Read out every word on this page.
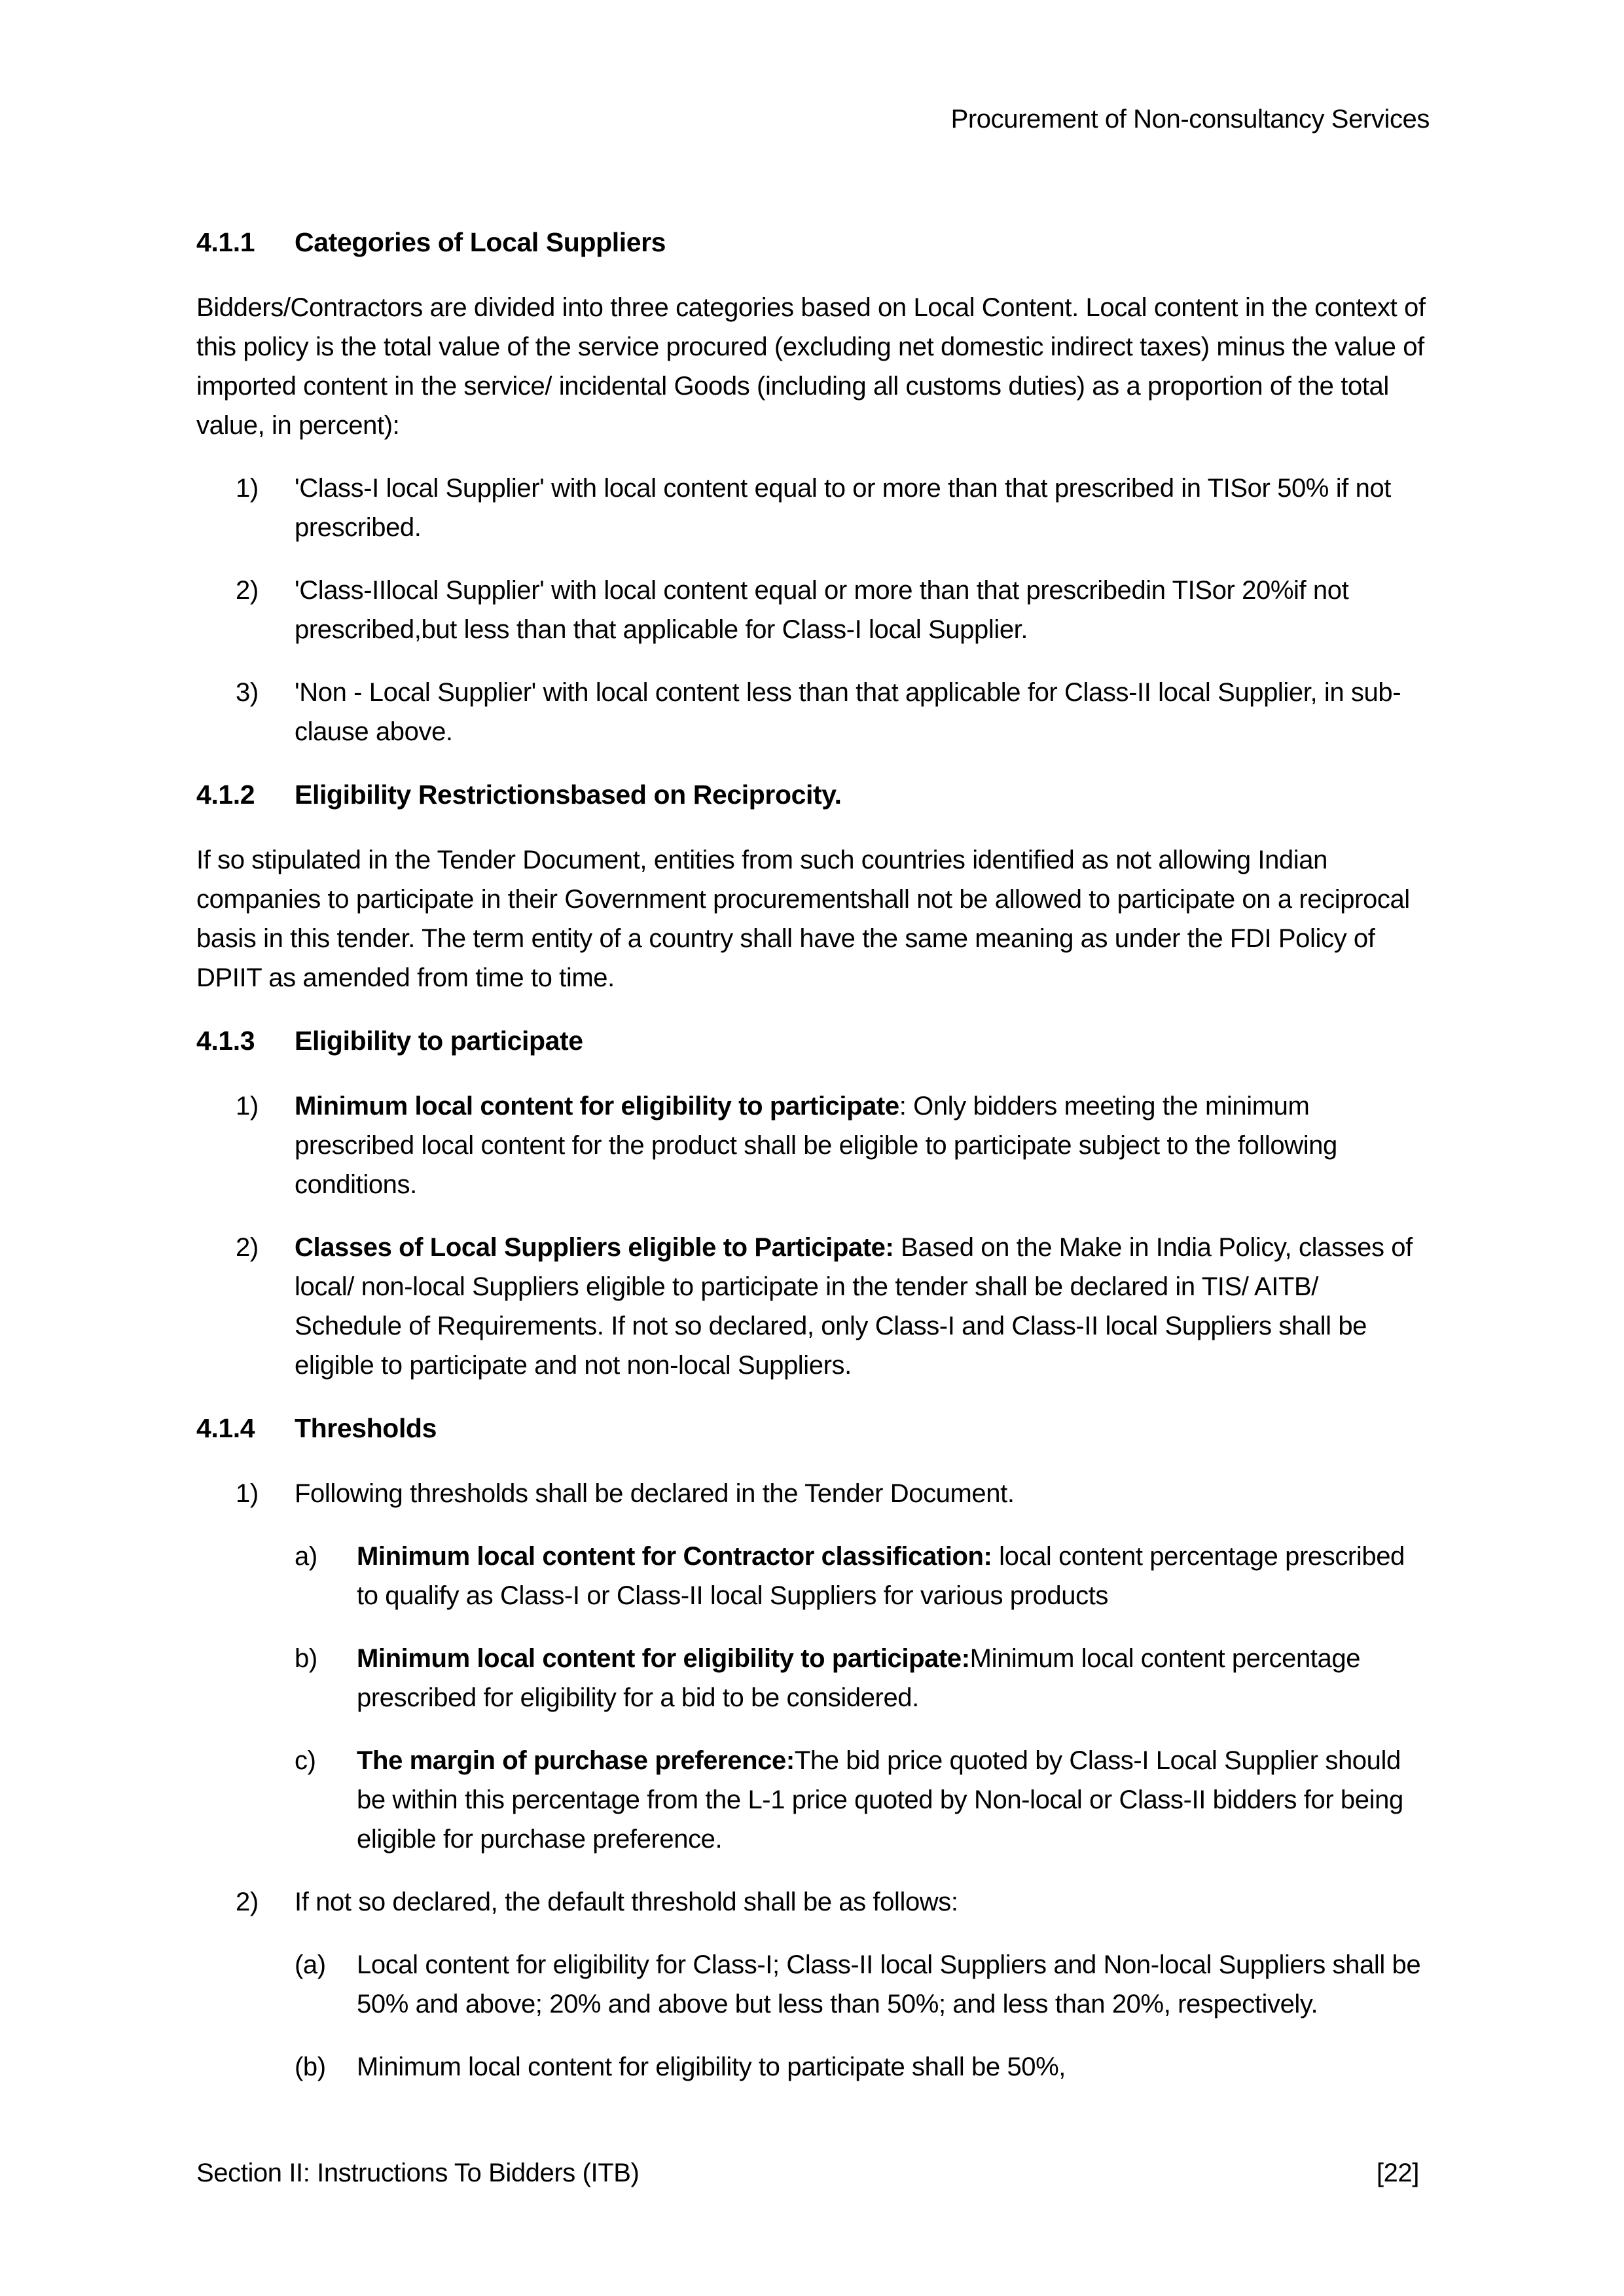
Procurement of Non-consultancy Services
4.1.1	Categories of Local Suppliers

Bidders/Contractors are divided into three categories based on Local Content. Local content in the context of this policy is the total value of the service procured (excluding net domestic indirect taxes) minus the value of imported content in the service/ incidental Goods (including all customs duties) as a proportion of the total value, in percent):

1)	'Class-I local Supplier' with local content equal to or more than that prescribed in TISor 50% if not prescribed.
2)	'Class-IIlocal Supplier' with local content equal or more than that prescribedin TISor 20%if not prescribed,but less than that applicable for Class-I local Supplier.
3)	'Non - Local Supplier' with local content less than that applicable for Class-II local Supplier, in sub-clause above.
4.1.2	Eligibility Restrictionsbased on Reciprocity.

If so stipulated in the Tender Document, entities from such countries identified as not allowing Indian companies to participate in their Government procurementshall not be allowed to participate on a reciprocal basis in this tender. The term entity of a country shall have the same meaning as under the FDI Policy of DPIIT as amended from time to time.

4.1.3	Eligibility to participate
1)	Minimum local content for eligibility to participate: Only bidders meeting the minimum prescribed local content for the product shall be eligible to participate subject to the following conditions.
2)	Classes of Local Suppliers eligible to Participate: Based on the Make in India Policy, classes of local/ non-local Suppliers eligible to participate in the tender shall be declared in TIS/ AITB/ Schedule of Requirements. If not so declared, only Class-I and Class-II local Suppliers shall be eligible to participate and not non-local Suppliers.
4.1.4	Thresholds
1)	Following thresholds shall be declared in the Tender Document.
a)	Minimum local content for Contractor classification: local content percentage prescribed to qualify as Class-I or Class-II local Suppliers for various products
b)	Minimum local content for eligibility to participate:Minimum local content percentage prescribed for eligibility for a bid to be considered.
c)	The margin of purchase preference:The bid price quoted by Class-I Local Supplier should be within this percentage from the L-1 price quoted by Non-local or Class-II bidders for being eligible for purchase preference.
2)	If not so declared, the default threshold shall be as follows:
(a)	Local content for eligibility for Class-I; Class-II local Suppliers and Non-local Suppliers shall be 50% and above; 20% and above but less than 50%; and less than 20%, respectively.
(b)	Minimum local content for eligibility to participate shall be 50%,
Section II: Instructions To Bidders (ITB)	[22]
